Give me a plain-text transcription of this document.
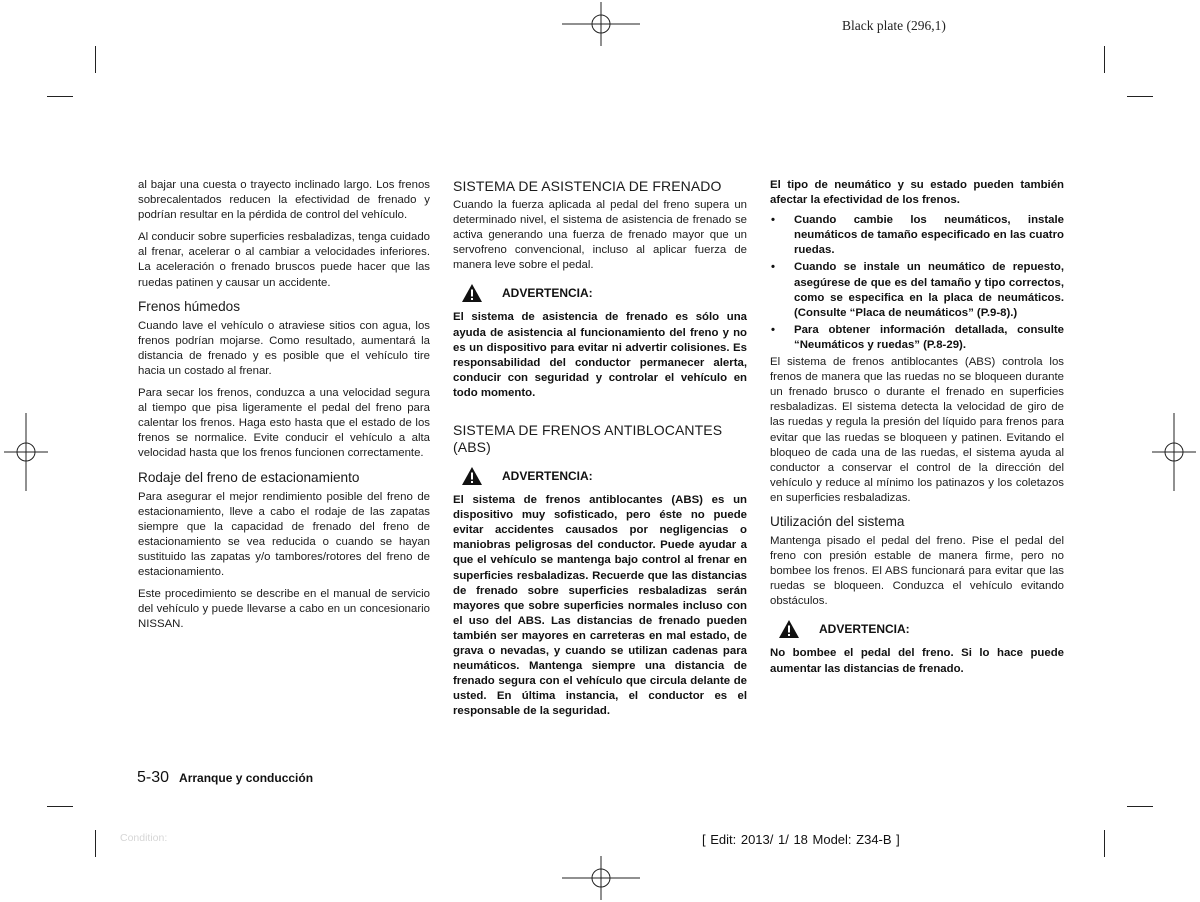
Black plate (296,1)

al bajar una cuesta o trayecto inclinado largo. Los frenos sobrecalentados reducen la efectividad de frenado y podrían resultar en la pérdida de control del vehículo.

Al conducir sobre superficies resbaladizas, tenga cuidado al frenar, acelerar o al cambiar a velocidades inferiores. La aceleración o frenado bruscos puede hacer que las ruedas patinen y causar un accidente.

Frenos húmedos

Cuando lave el vehículo o atraviese sitios con agua, los frenos podrían mojarse. Como resultado, aumentará la distancia de frenado y es posible que el vehículo tire hacia un costado al frenar.

Para secar los frenos, conduzca a una velocidad segura al tiempo que pisa ligeramente el pedal del freno para calentar los frenos. Haga esto hasta que el estado de los frenos se normalice. Evite conducir el vehículo a alta velocidad hasta que los frenos funcionen correctamente.

Rodaje del freno de estacionamiento

Para asegurar el mejor rendimiento posible del freno de estacionamiento, lleve a cabo el rodaje de las zapatas siempre que la capacidad de frenado del freno de estacionamiento se vea reducida o cuando se hayan sustituido las zapatas y/o tambores/rotores del freno de estacionamiento.

Este procedimiento se describe en el manual de servicio del vehículo y puede llevarse a cabo en un concesionario NISSAN.

SISTEMA DE ASISTENCIA DE FRENADO

Cuando la fuerza aplicada al pedal del freno supera un determinado nivel, el sistema de asistencia de frenado se activa generando una fuerza de frenado mayor que un servofreno convencional, incluso al aplicar fuerza de manera leve sobre el pedal.

ADVERTENCIA:

El sistema de asistencia de frenado es sólo una ayuda de asistencia al funcionamiento del freno y no es un dispositivo para evitar ni advertir colisiones. Es responsabilidad del conductor permanecer alerta, conducir con seguridad y controlar el vehículo en todo momento.

SISTEMA DE FRENOS ANTIBLOCANTES (ABS)
ADVERTENCIA:

El sistema de frenos antiblocantes (ABS) es un dispositivo muy sofisticado, pero éste no puede evitar accidentes causados por negligencias o maniobras peligrosas del conductor. Puede ayudar a que el vehículo se mantenga bajo control al frenar en superficies resbaladizas. Recuerde que las distancias de frenado sobre superficies resbaladizas serán mayores que sobre superficies normales incluso con el uso del ABS. Las distancias de frenado pueden también ser mayores en carreteras en mal estado, de grava o nevadas, y cuando se utilizan cadenas para neumáticos. Mantenga siempre una distancia de frenado segura con el vehículo que circula delante de usted. En última instancia, el conductor es el responsable de la seguridad.

El tipo de neumático y su estado pueden también afectar la efectividad de los frenos.

• Cuando cambie los neumáticos, instale neumáticos de tamaño especificado en las cuatro ruedas.
• Cuando se instale un neumático de repuesto, asegúrese de que es del tamaño y tipo correctos, como se especifica en la placa de neumáticos. (Consulte “Placa de neumáticos” (P.9-8).)
• Para obtener información detallada, consulte “Neumáticos y ruedas” (P.8-29).

El sistema de frenos antiblocantes (ABS) controla los frenos de manera que las ruedas no se bloqueen durante un frenado brusco o durante el frenado en superficies resbaladizas. El sistema detecta la velocidad de giro de las ruedas y regula la presión del líquido para frenos para evitar que las ruedas se bloqueen y patinen. Evitando el bloqueo de cada una de las ruedas, el sistema ayuda al conductor a conservar el control de la dirección del vehículo y reduce al mínimo los patinazos y los coletazos en superficies resbaladizas.

Utilización del sistema

Mantenga pisado el pedal del freno. Pise el pedal del freno con presión estable de manera firme, pero no bombee los frenos. El ABS funcionará para evitar que las ruedas se bloqueen. Conduzca el vehículo evitando obstáculos.

ADVERTENCIA:

No bombee el pedal del freno. Si lo hace puede aumentar las distancias de frenado.

5-30 Arranque y conducción
Condition:	[ Edit: 2013/ 1/ 18 Model: Z34-B ]
